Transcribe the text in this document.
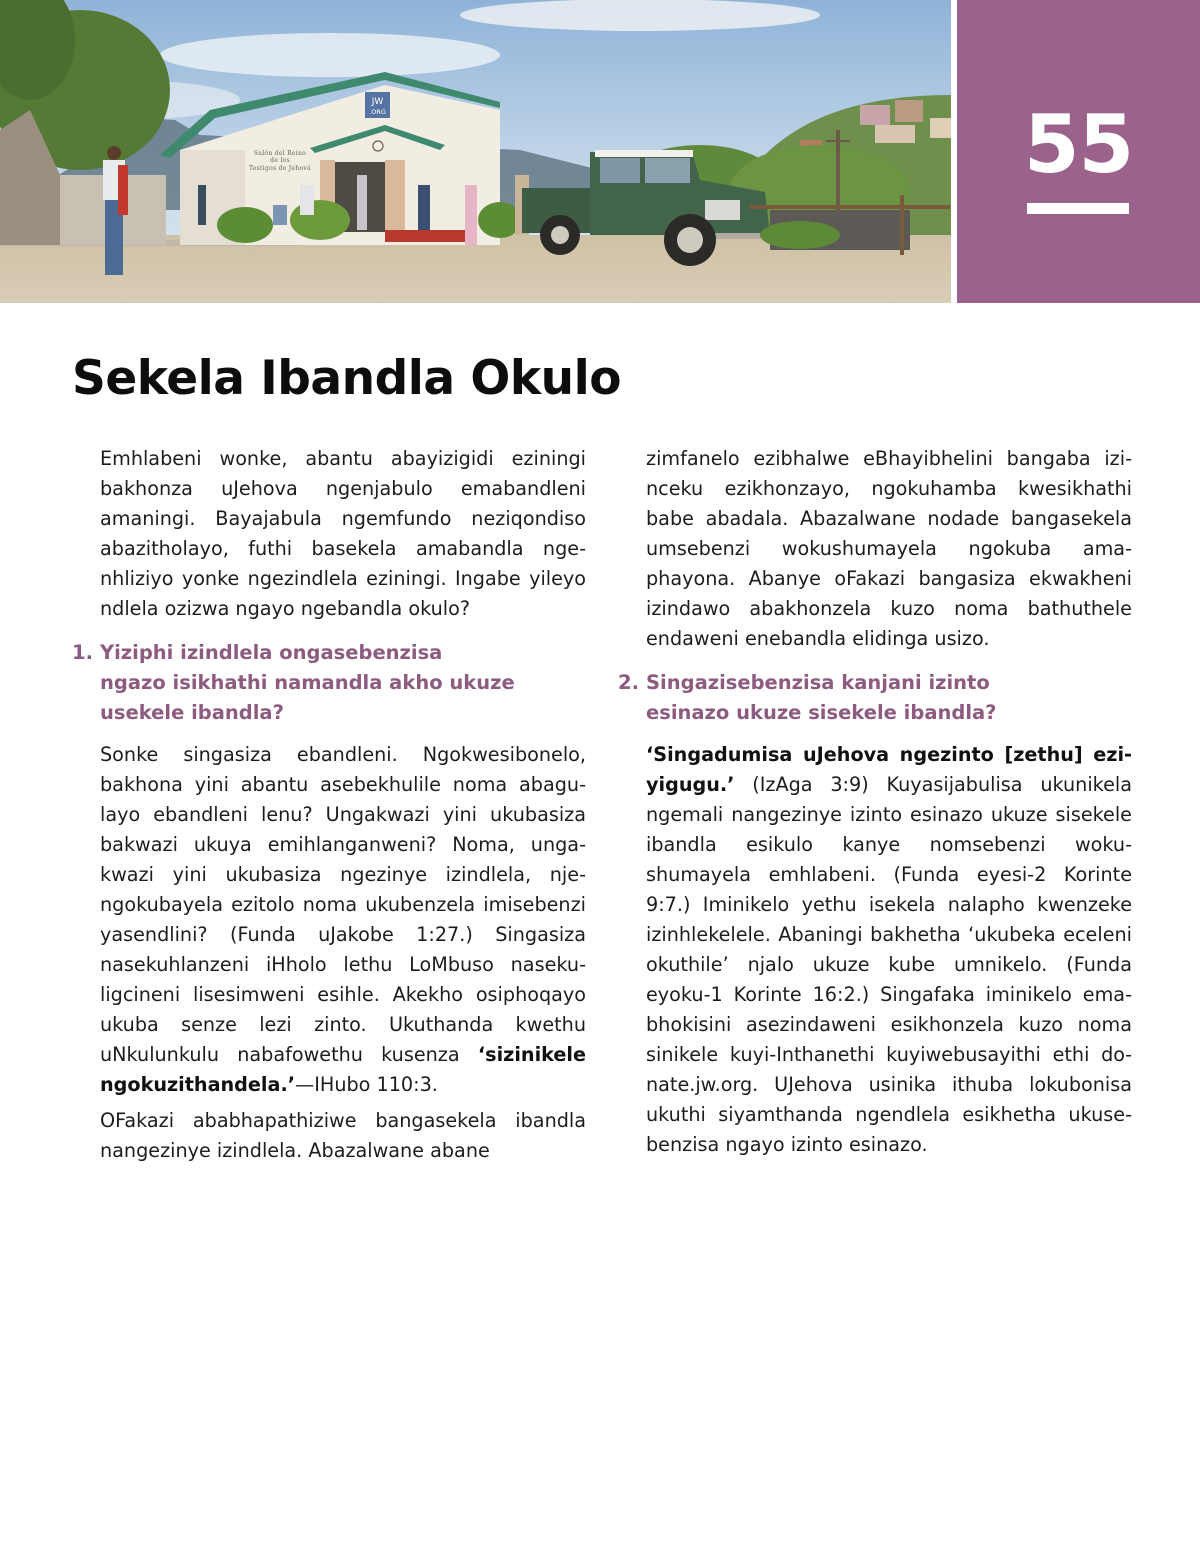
JW
.ORG
Salón del Reino
de los
Testigos de Jehová	55
Sekela Ibandla Okulo

Emhlabeni wonke, abantu abayizigidi eziningi bakhonza uJehova ngenjabulo emabandleni amaningi. Bayajabula ngemfundo neziqondiso abazitholayo, futhi basekela amabandla ngenhliziyo yonke ngezindlela eziningi. Ingabe yileyo ndlela ozizwa ngayo ngebandla okulo?

1. Yiziphi izindlela ongasebenzisa
ngazo isikhathi namandla akho ukuze
usekele ibandla?

Sonke singasiza ebandleni. Ngokwesibonelo, bakhona yini abantu asebekhulile noma abagulayo ebandleni lenu? Ungakwazi yini ukubasiza bakwazi ukuya emihlanganweni? Noma, ungakwazi yini ukubasiza ngezinye izindlela, njengokubayela ezitolo noma ukubenzela imisebenzi yasendlini? (Funda uJakobe 1:27.) Singasiza nasekuhlanzeni iHholo lethu LoMbuso nasekuligcineni lisesimweni esihle. Akekho osiphoqayo ukuba senze lezi zinto. Ukuthanda kwethu uNkulunkulu nabafowethu kusenza ‘sizinikele ngokuzithandela.’—IHubo 110:3.

OFakazi ababhapathiziwe bangasekela ibandla nangezinye izindlela. Abazalwane abane

zimfanelo ezibhalwe eBhayibhelini bangaba izinceku ezikhonzayo, ngokuhamba kwesikhathi babe abadala. Abazalwane nodade bangasekela umsebenzi wokushumayela ngokuba amaphayona. Abanye oFakazi bangasiza ekwakheni izindawo abakhonzela kuzo noma bathuthele endaweni enebandla elidinga usizo.

2. Singazisebenzisa kanjani izinto
esinazo ukuze sisekele ibandla?

‘Singadumisa uJehova ngezinto [zethu] eziyigugu.’ (IzAga 3:9) Kuyasijabulisa ukunikela ngemali nangezinye izinto esinazo ukuze sisekele ibandla esikulo kanye nomsebenzi wokushumayela emhlabeni. (Funda eyesi-2 Korinte 9:7.) Iminikelo yethu isekela nalapho kwenzeke izinhlekelele. Abaningi bakhetha ‘ukubeka eceleni okuthile’ njalo ukuze kube umnikelo. (Funda eyoku-1 Korinte 16:2.) Singafaka iminikelo emabhokisini asezindaweni esikhonzela kuzo noma sinikele kuyi-Inthanethi kuyiwebusayithi ethi donate.jw.org. UJehova usinika ithuba lokubonisa ukuthi siyamthanda ngendlela esikhetha ukusebenzisa ngayo izinto esinazo.
